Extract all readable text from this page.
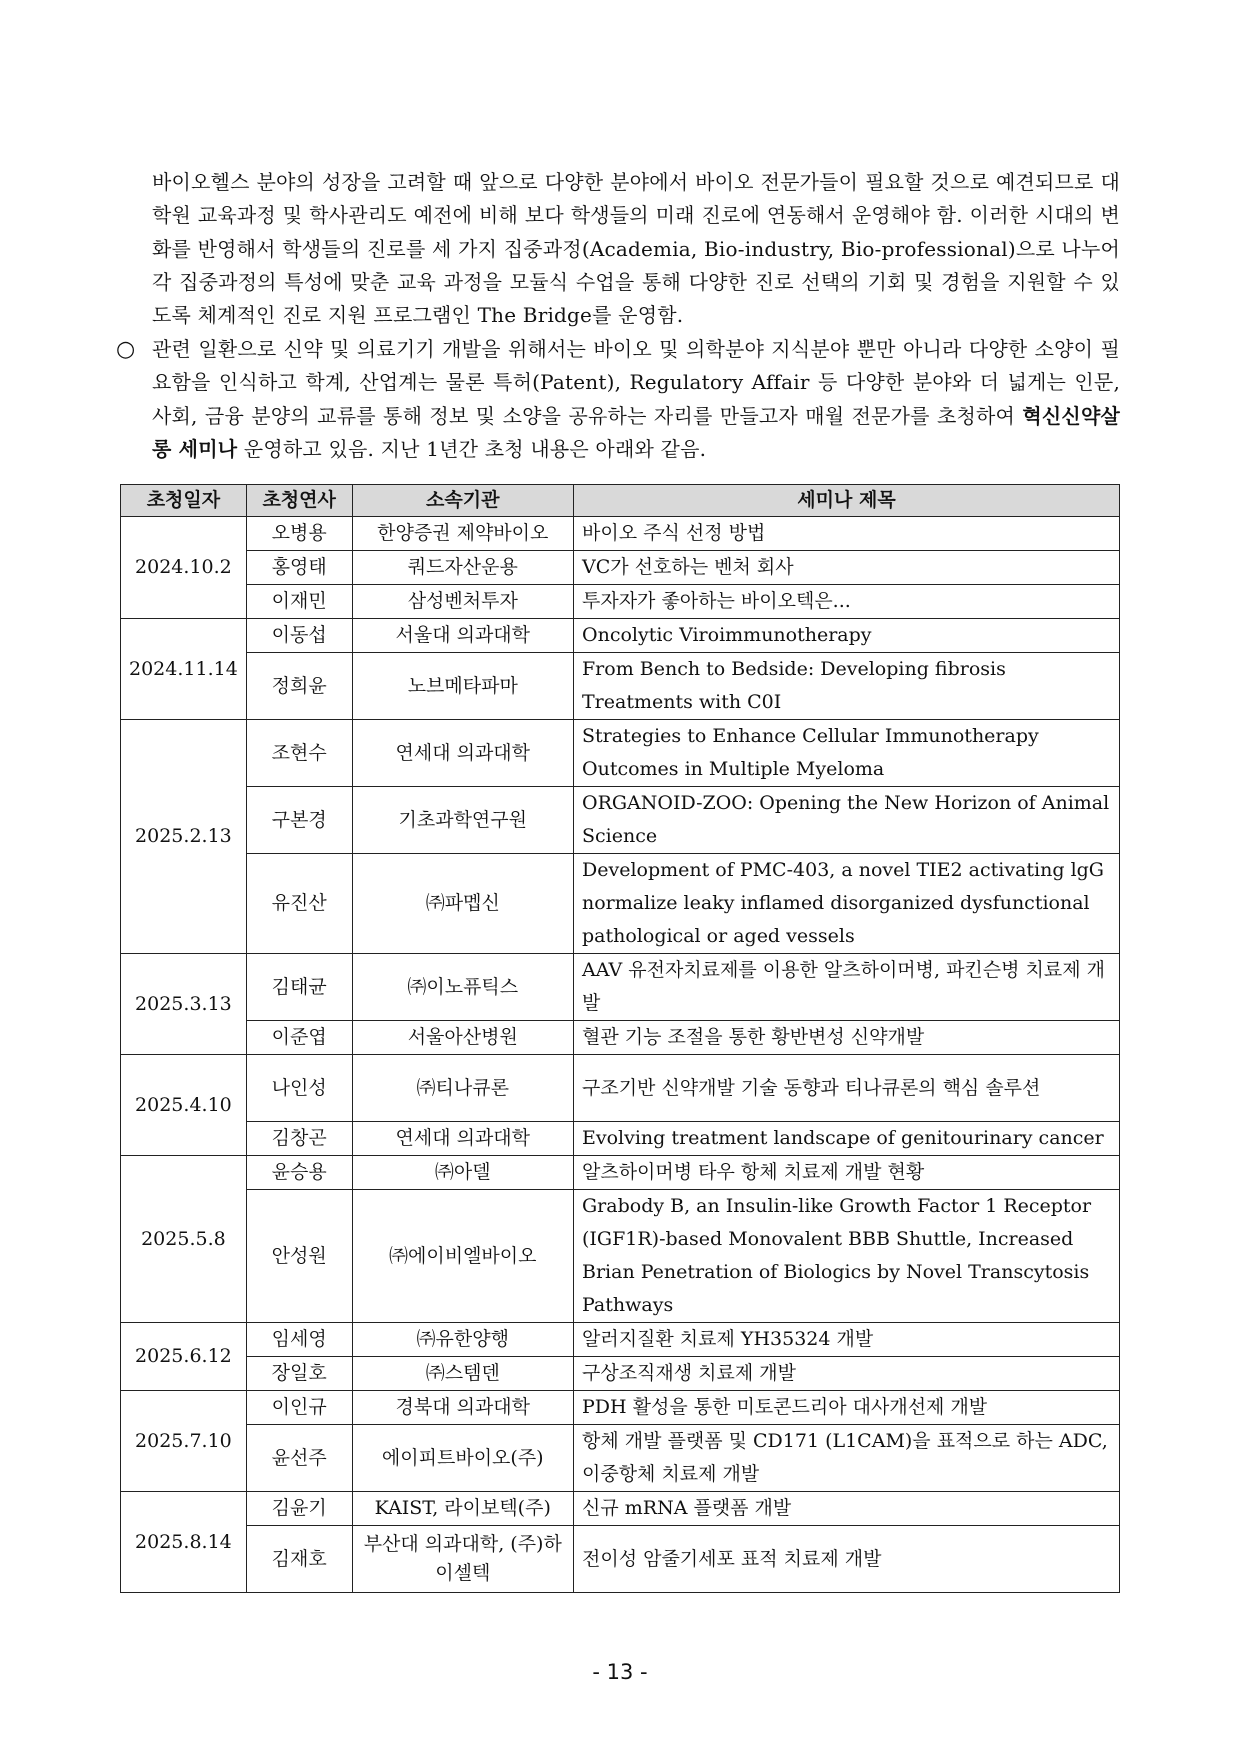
바이오헬스 분야의 성장을 고려할 때 앞으로 다양한 분야에서 바이오 전문가들이 필요할 것으로 예견되므로 대학원 교육과정 및 학사관리도 예전에 비해 보다 학생들의 미래 진로에 연동해서 운영해야 함. 이러한 시대의 변화를 반영해서 학생들의 진로를 세 가지 집중과정(Academia, Bio-industry, Bio-professional)으로 나누어 각 집중과정의 특성에 맞춘 교육 과정을 모듈식 수업을 통해 다양한 진로 선택의 기회 및 경험을 지원할 수 있도록 체계적인 진로 지원 프로그램인 The Bridge를 운영함.
○ 관련 일환으로 신약 및 의료기기 개발을 위해서는 바이오 및 의학분야 지식분야 뿐만 아니라 다양한 소양이 필요함을 인식하고 학계, 산업계는 물론 특허(Patent), Regulatory Affair 등 다양한 분야와 더 넓게는 인문, 사회, 금융 분양의 교류를 통해 정보 및 소양을 공유하는 자리를 만들고자 매월 전문가를 초청하여 혁신신약살롱 세미나 운영하고 있음. 지난 1년간 초청 내용은 아래와 같음.
초청일자	초청연사	소속기관	세미나 제목
2024.10.2	오병용	한양증권 제약바이오	바이오 주식 선정 방법
	홍영태	쿼드자산운용	VC가 선호하는 벤처 회사
	이재민	삼성벤처투자	투자자가 좋아하는 바이오텍은...
2024.11.14	이동섭	서울대 의과대학	Oncolytic Viroimmunotherapy
	정희윤	노브메타파마	From Bench to Bedside: Developing fibrosis Treatments with C0I
2025.2.13	조현수	연세대 의과대학	Strategies to Enhance Cellular Immunotherapy Outcomes in Multiple Myeloma
	구본경	기초과학연구원	ORGANOID-ZOO: Opening the New Horizon of Animal Science
	유진산	㈜파멥신	Development of PMC-403, a novel TIE2 activating lgG normalize leaky inflamed disorganized dysfunctional pathological or aged vessels
2025.3.13	김태균	㈜이노퓨틱스	AAV 유전자치료제를 이용한 알츠하이머병, 파킨슨병 치료제 개발
	이준엽	서울아산병원	혈관 기능 조절을 통한 황반변성 신약개발
2025.4.10	나인성	㈜티나큐론	구조기반 신약개발 기술 동향과 티나큐론의 핵심 솔루션
	김창곤	연세대 의과대학	Evolving treatment landscape of genitourinary cancer
2025.5.8	윤승용	㈜아델	알츠하이머병 타우 항체 치료제 개발 현황
	안성원	㈜에이비엘바이오	Grabody B, an Insulin-like Growth Factor 1 Receptor (IGF1R)-based Monovalent BBB Shuttle, Increased Brian Penetration of Biologics by Novel Transcytosis Pathways
2025.6.12	임세영	㈜유한양행	알러지질환 치료제 YH35324 개발
	장일호	㈜스템덴	구상조직재생 치료제 개발
2025.7.10	이인규	경북대 의과대학	PDH 활성을 통한 미토콘드리아 대사개선제 개발
	윤선주	에이피트바이오(주)	항체 개발 플랫폼 및 CD171 (L1CAM)을 표적으로 하는 ADC, 이중항체 치료제 개발
2025.8.14	김윤기	KAIST, 라이보텍(주)	신규 mRNA 플랫폼 개발
	김재호	부산대 의과대학, (주)하이셀텍	전이성 암줄기세포 표적 치료제 개발
- 13 -
